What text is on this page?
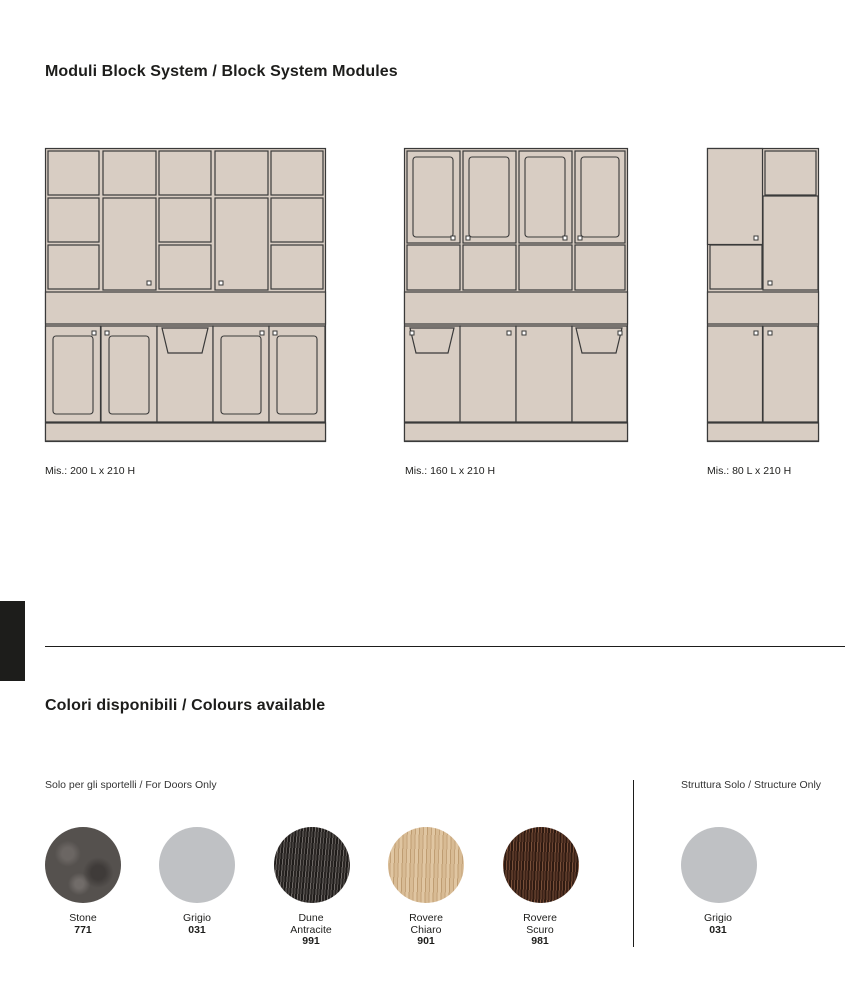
Moduli Block System / Block System Modules
Mis.: 200 L x 210 H	Mis.: 160 L x 210 H	Mis.: 80 L x 210 H
Colori disponibili / Colours available
Solo per gli sportelli / For Doors Only	Struttura Solo / Structure Only
Stone
771
Grigio
031
Dune
Antracite
991
Rovere
Chiaro
901
Rovere
Scuro
981
Grigio
031
